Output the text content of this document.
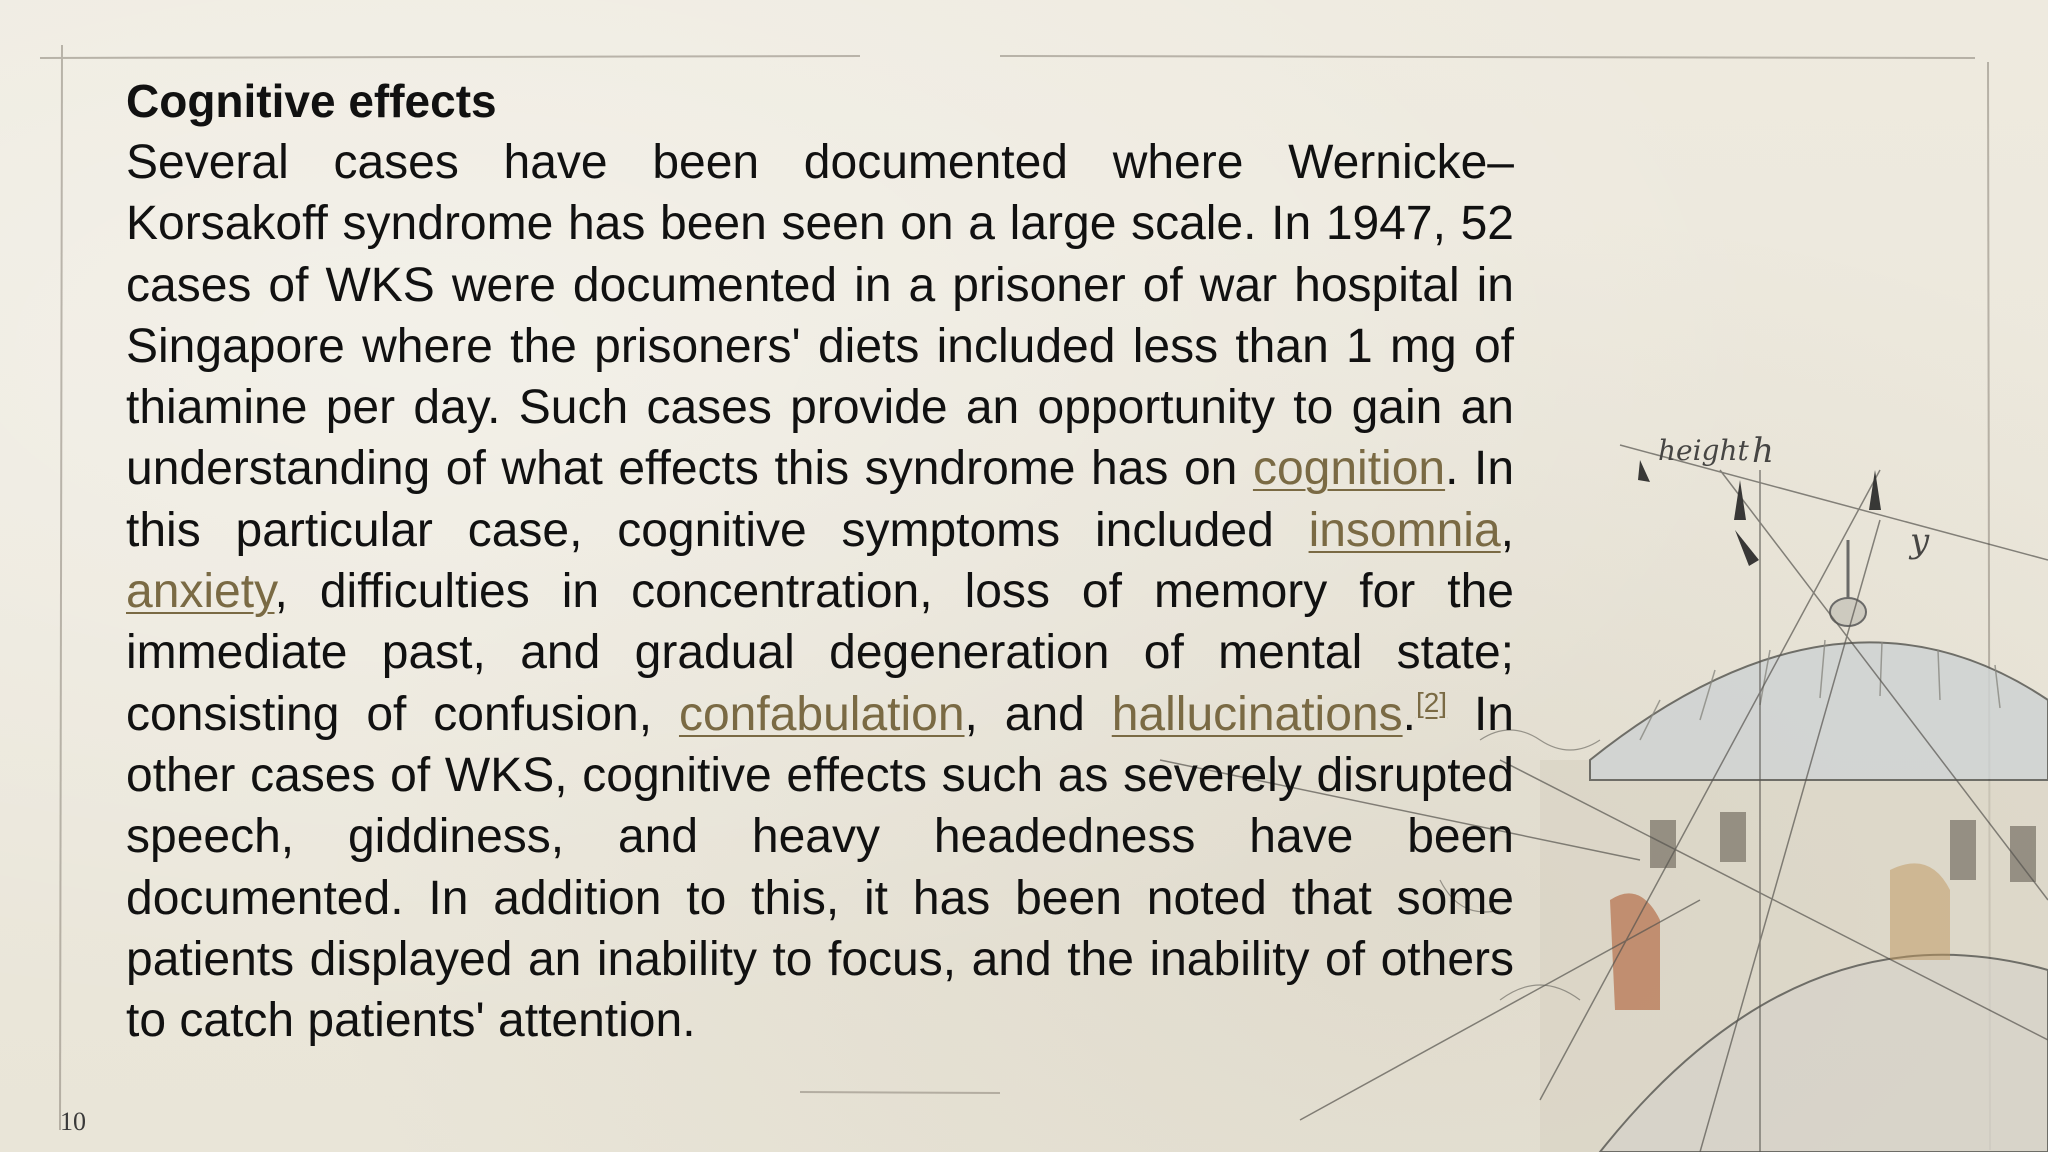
height h
y

Cognitive effects

Several cases have been documented where Wernicke–Korsakoff syndrome has been seen on a large scale. In 1947, 52 cases of WKS were documented in a prisoner of war hospital in Singapore where the prisoners' diets included less than 1 mg of thiamine per day. Such cases provide an opportunity to gain an understanding of what effects this syndrome has on cognition. In this particular case, cognitive symptoms included insomnia, anxiety, difficulties in concentration, loss of memory for the immediate past, and gradual degeneration of mental state; consisting of confusion, confabulation, and hallucinations.[2] In other cases of WKS, cognitive effects such as severely disrupted speech, giddiness, and heavy headedness have been documented. In addition to this, it has been noted that some patients displayed an inability to focus, and the inability of others to catch patients' attention.

10
